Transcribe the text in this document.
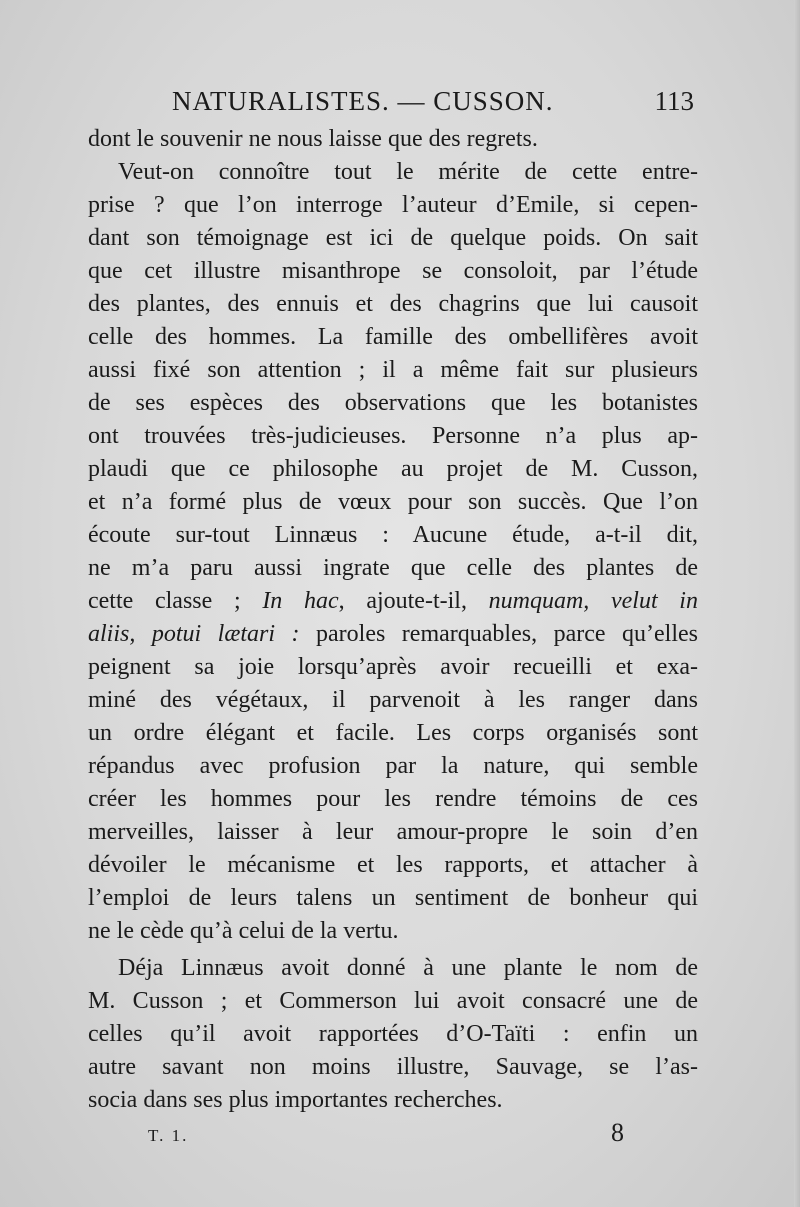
NATURALISTES. — CUSSON.	113
dont le souvenir ne nous laisse que des regrets.
Veut-on connoître tout le mérite de cette entre-
prise ? que l’on interroge l’auteur d’Emile, si cepen-
dant son témoignage est ici de quelque poids. On sait
que cet illustre misanthrope se consoloit, par l’étude
des plantes, des ennuis et des chagrins que lui causoit
celle des hommes. La famille des ombellifères avoit
aussi fixé son attention ; il a même fait sur plusieurs
de ses espèces des observations que les botanistes
ont trouvées très-judicieuses. Personne n’a plus ap-
plaudi que ce philosophe au projet de M. Cusson,
et n’a formé plus de vœux pour son succès. Que l’on
écoute sur-tout Linnæus : Aucune étude, a-t-il dit,
ne m’a paru aussi ingrate que celle des plantes de
cette classe ; In hac, ajoute-t-il, numquam, velut in
aliis, potui lætari : paroles remarquables, parce qu’elles
peignent sa joie lorsqu’après avoir recueilli et exa-
miné des végétaux, il parvenoit à les ranger dans
un ordre élégant et facile. Les corps organisés sont
répandus avec profusion par la nature, qui semble
créer les hommes pour les rendre témoins de ces
merveilles, laisser à leur amour-propre le soin d’en
dévoiler le mécanisme et les rapports, et attacher à
l’emploi de leurs talens un sentiment de bonheur qui
ne le cède qu’à celui de la vertu.
Déja Linnæus avoit donné à une plante le nom de
M. Cusson ; et Commerson lui avoit consacré une de
celles qu’il avoit rapportées d’O-Taïti : enfin un
autre savant non moins illustre, Sauvage, se l’as-
socia dans ses plus importantes recherches.
T. 1.	8
